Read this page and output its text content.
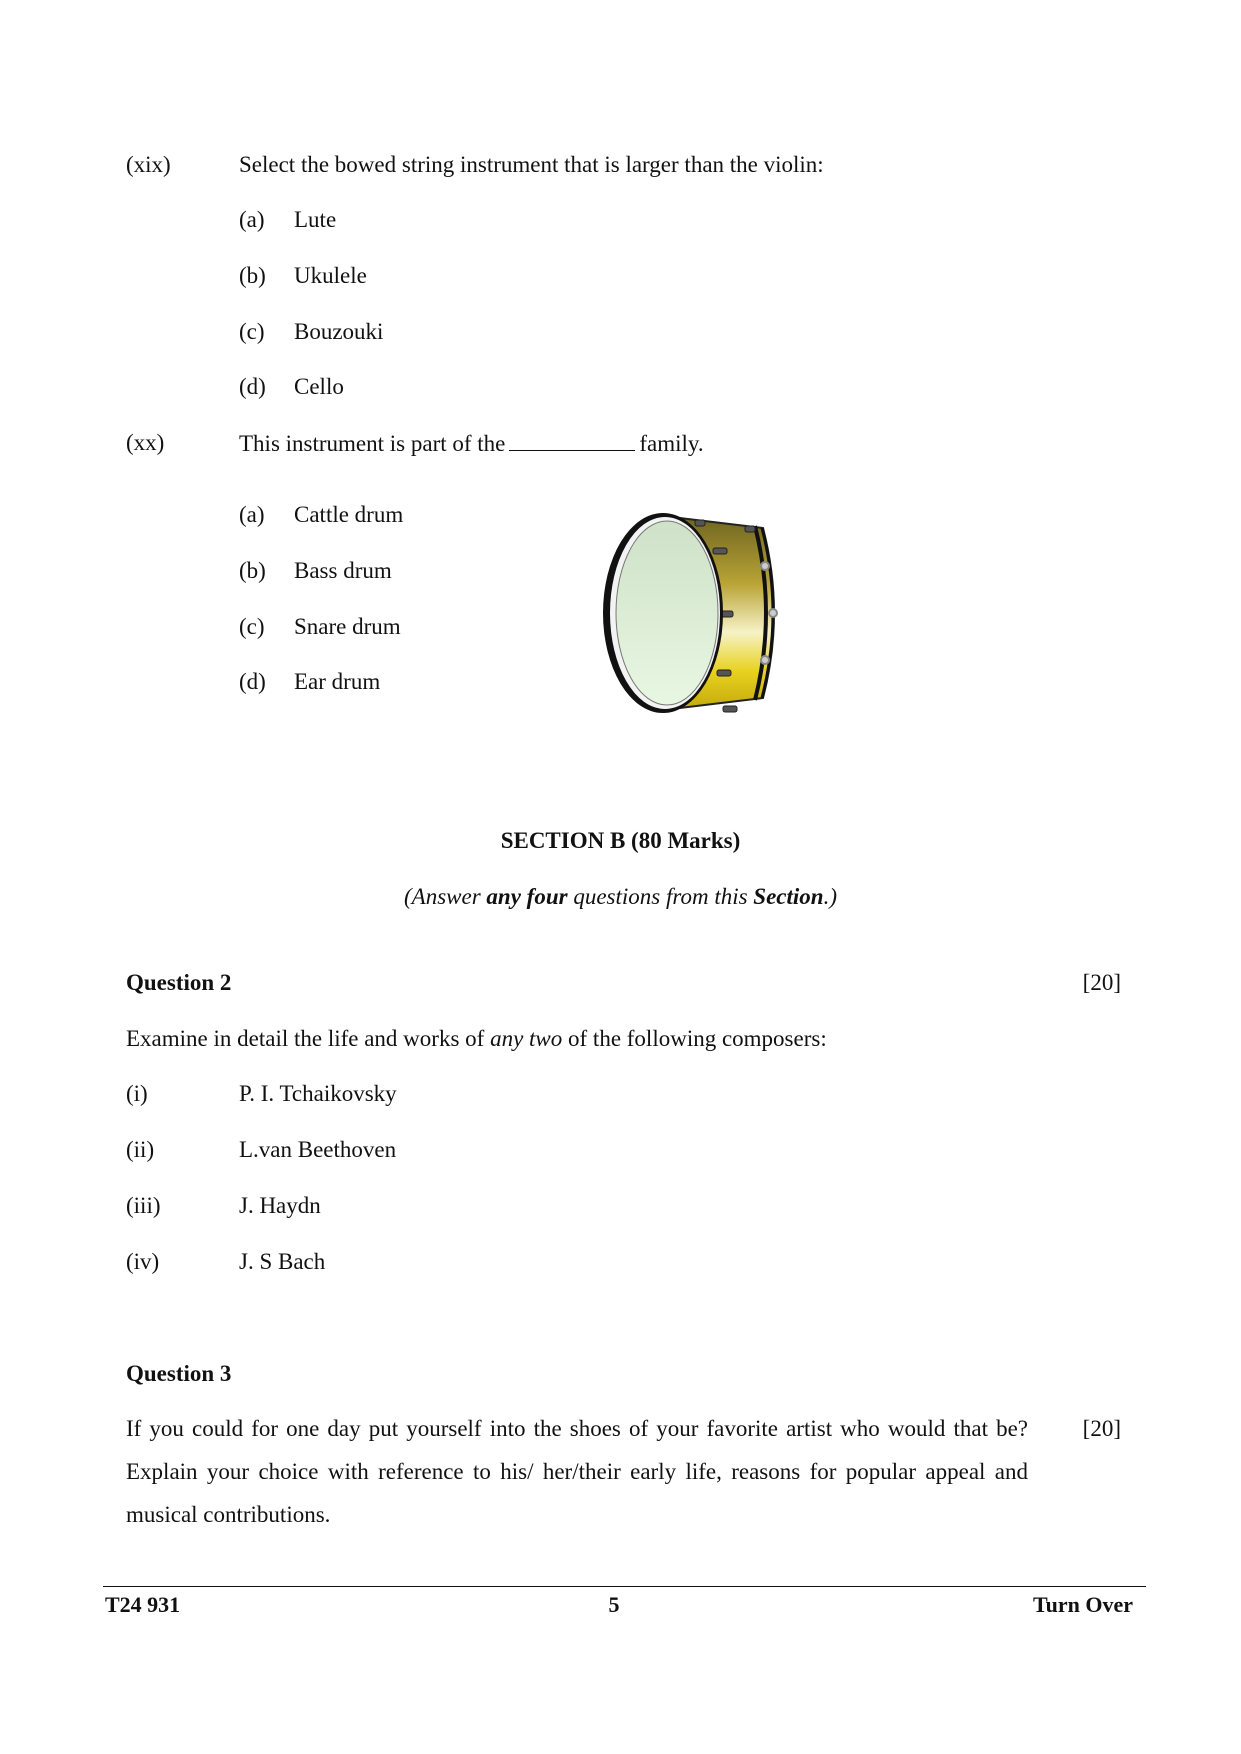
(xix)	Select the bowed string instrument that is larger than the violin:
(a) Lute
(b) Ukulele
(c) Bouzouki
(d) Cello
(xx)	This instrument is part of the	family.
(a) Cattle drum
(b) Bass drum
(c) Snare drum
(d) Ear drum
SECTION B (80 Marks)
(Answer any four questions from this Section.)
Question 2	[20]
Examine in detail the life and works of any two of the following composers:
(i)	P. I. Tchaikovsky
(ii)	L.van Beethoven
(iii)	J. Haydn
(iv)	J. S Bach
Question 3
[20]
If you could for one day put yourself into the shoes of your favorite artist who would that be? Explain your choice with reference to his/ her/their early life, reasons for popular appeal and musical contributions.
T24 931	5	Turn Over
